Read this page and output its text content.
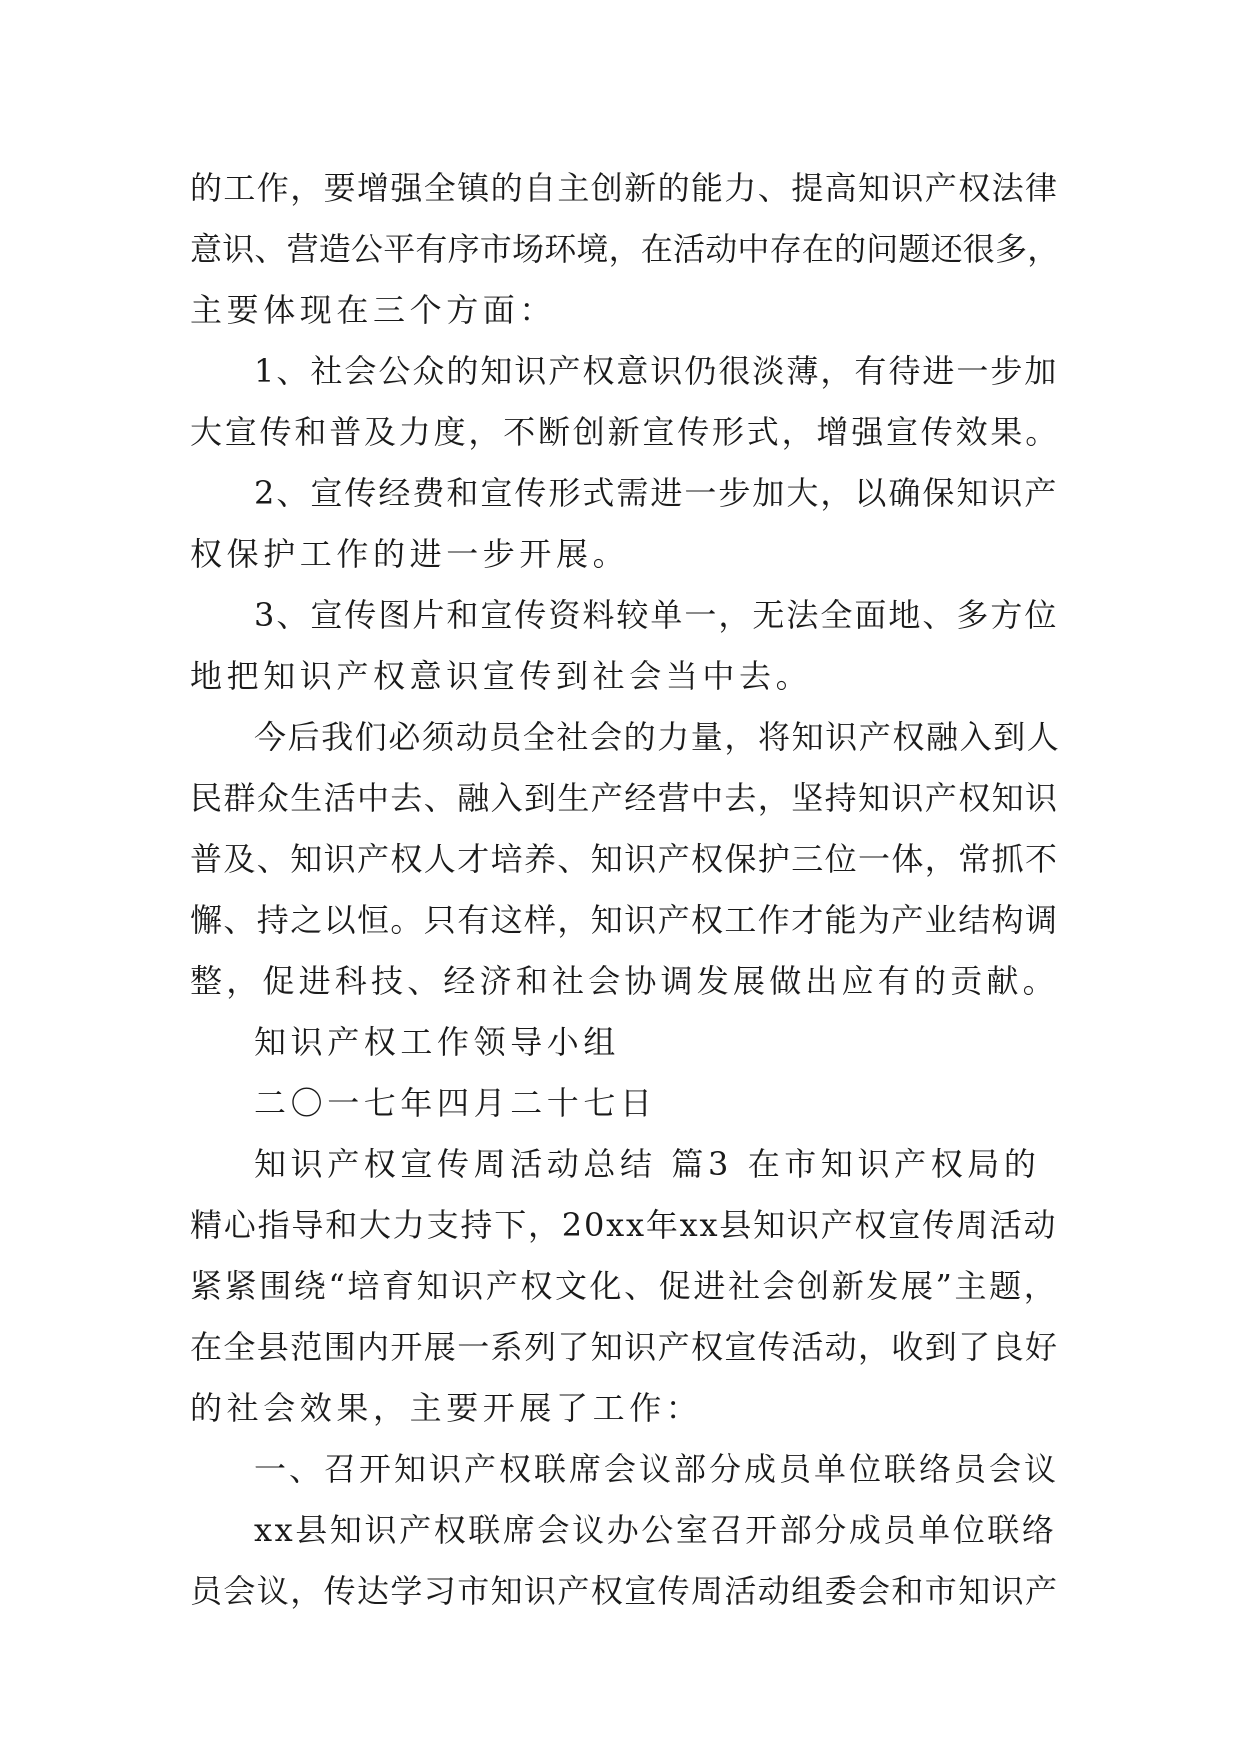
的工作，要增强全镇的自主创新的能力、提高知识产权法律
意识、营造公平有序市场环境，在活动中存在的问题还很多，
主要体现在三个方面：
1、社会公众的知识产权意识仍很淡薄，有待进一步加
大宣传和普及力度，不断创新宣传形式，增强宣传效果。
2、宣传经费和宣传形式需进一步加大，以确保知识产
权保护工作的进一步开展。
3、宣传图片和宣传资料较单一，无法全面地、多方位
地把知识产权意识宣传到社会当中去。
今后我们必须动员全社会的力量，将知识产权融入到人
民群众生活中去、融入到生产经营中去，坚持知识产权知识
普及、知识产权人才培养、知识产权保护三位一体，常抓不
懈、持之以恒。只有这样，知识产权工作才能为产业结构调
整，促进科技、经济和社会协调发展做出应有的贡献。
知识产权工作领导小组
二〇一七年四月二十七日
知识产权宣传周活动总结 篇3 在市知识产权局的
精心指导和大力支持下，20xx年xx县知识产权宣传周活动
紧紧围绕“培育知识产权文化、促进社会创新发展”主题，
在全县范围内开展一系列了知识产权宣传活动，收到了良好
的社会效果，主要开展了工作：
一、召开知识产权联席会议部分成员单位联络员会议
xx县知识产权联席会议办公室召开部分成员单位联络
员会议，传达学习市知识产权宣传周活动组委会和市知识产
